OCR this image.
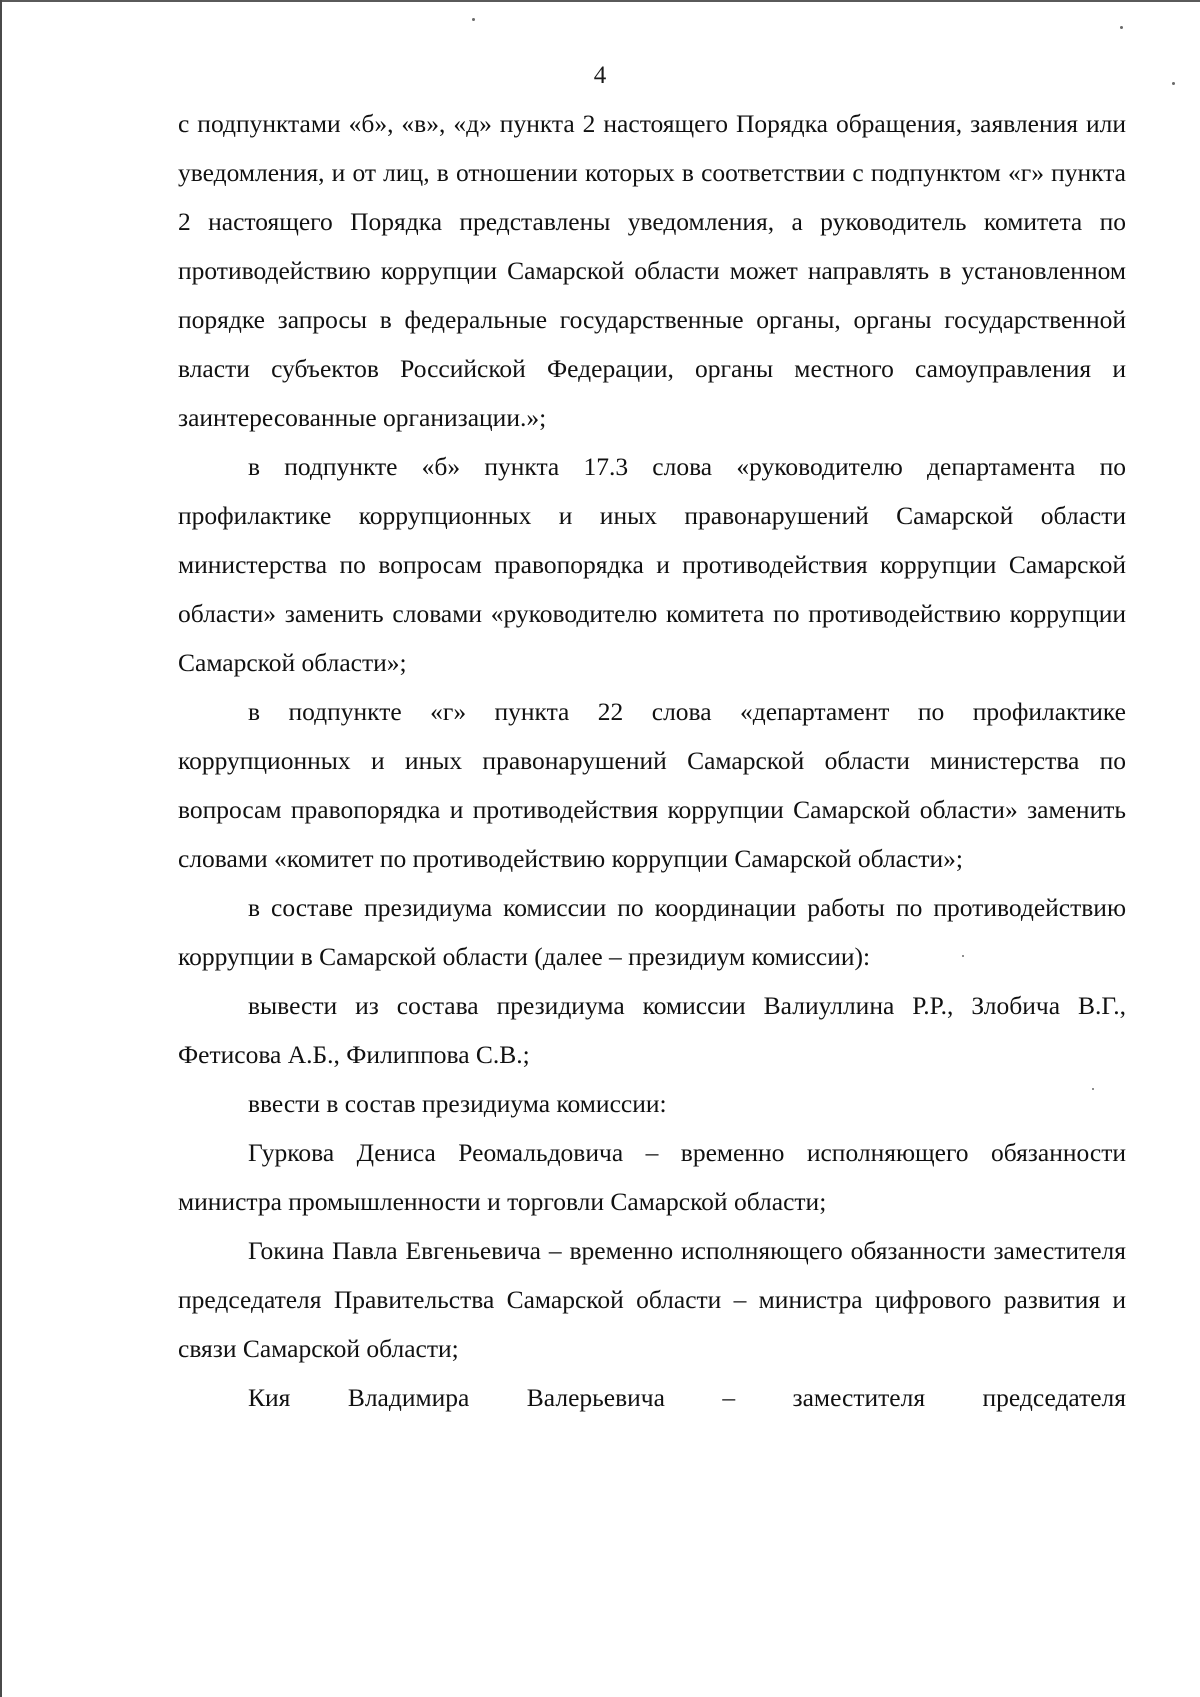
4

с подпунктами «б», «в», «д» пункта 2 настоящего Порядка обращения, заявления или уведомления, и от лиц, в отношении которых в соответствии с подпунктом «г» пункта 2 настоящего Порядка представлены уведомления, а руководитель комитета по противодействию коррупции Самарской области может направлять в установленном порядке запросы в федеральные государственные органы, органы государственной власти субъектов Российской Федерации, органы местного самоуправления и заинтересованные организации.»;

в подпункте «б» пункта 17.3 слова «руководителю департамента по профилактике коррупционных и иных правонарушений Самарской области министерства по вопросам правопорядка и противодействия коррупции Самарской области» заменить словами «руководителю комитета по противодействию коррупции Самарской области»;

в подпункте «г» пункта 22 слова «департамент по профилактике коррупционных и иных правонарушений Самарской области министерства по вопросам правопорядка и противодействия коррупции Самарской области» заменить словами «комитет по противодействию коррупции Самарской области»;

в составе президиума комиссии по координации работы по противодействию коррупции в Самарской области (далее – президиум комиссии):

вывести из состава президиума комиссии Валиуллина Р.Р., Злобича В.Г., Фетисова А.Б., Филиппова С.В.;

ввести в состав президиума комиссии:

Гуркова Дениса Реомальдовича – временно исполняющего обязанности министра промышленности и торговли Самарской области;

Гокина Павла Евгеньевича – временно исполняющего обязанности заместителя председателя Правительства Самарской области – министра цифрового развития и связи Самарской области;

Кия Владимира Валерьевича – заместителя председателя
